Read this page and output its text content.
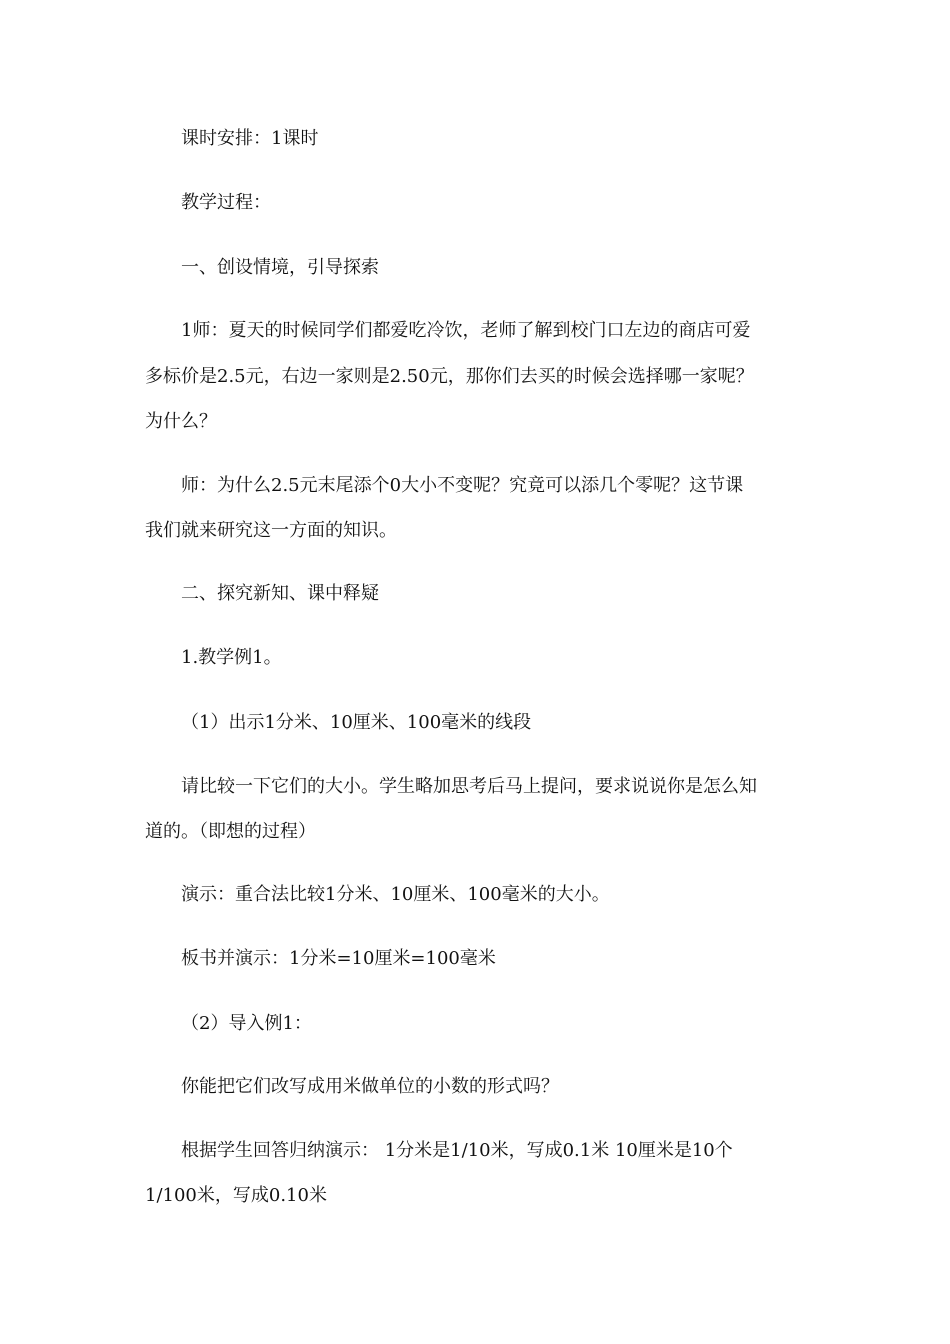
课时安排：1课时
教学过程：
一、创设情境，引导探索
1师：夏天的时候同学们都爱吃冷饮，老师了解到校门口左边的商店可爱
多标价是2.5元，右边一家则是2.50元，那你们去买的时候会选择哪一家呢？
为什么？
师：为什么2.5元末尾添个0大小不变呢？究竟可以添几个零呢？这节课
我们就来研究这一方面的知识。
二、探究新知、课中释疑
1.教学例1。
（1）出示1分米、10厘米、100毫米的线段
请比较一下它们的大小。学生略加思考后马上提问，要求说说你是怎么知
道的。（即想的过程）
演示：重合法比较1分米、10厘米、100毫米的大小。
板书并演示：1分米=10厘米=100毫米
（2）导入例1：
你能把它们改写成用米做单位的小数的形式吗？
根据学生回答归纳演示： 1分米是1/10米，写成0.1米 10厘米是10个
1/100米，写成0.10米
